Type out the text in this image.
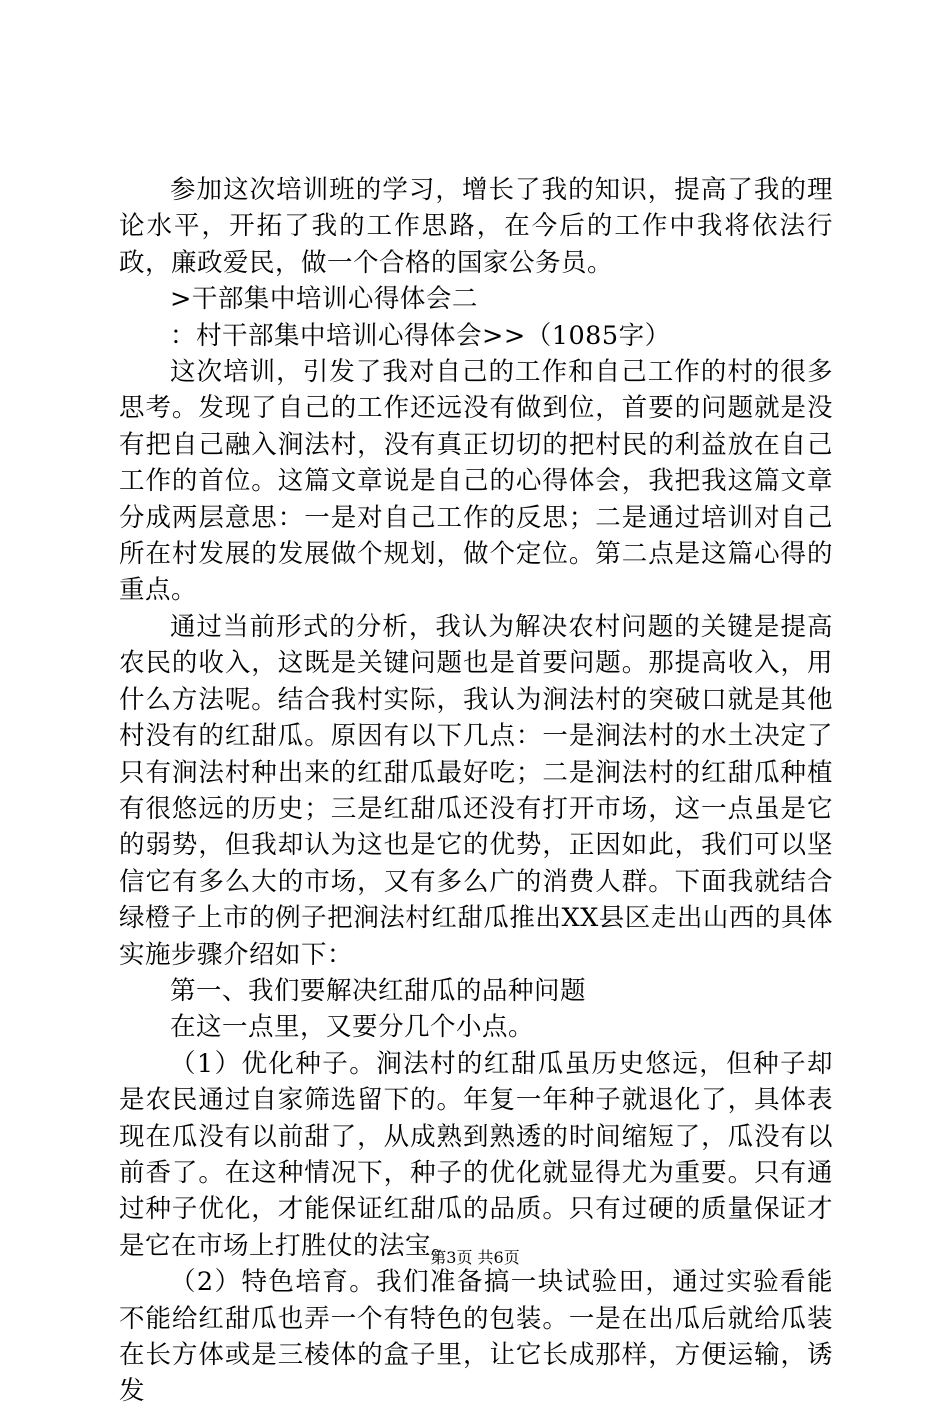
参加这次培训班的学习，增长了我的知识，提高了我的理论水平，开拓了我的工作思路，在今后的工作中我将依法行政，廉政爱民，做一个合格的国家公务员。

>干部集中培训心得体会二

：村干部集中培训心得体会>>（1085字）

这次培训，引发了我对自己的工作和自己工作的村的很多思考。发现了自己的工作还远没有做到位，首要的问题就是没有把自己融入涧法村，没有真正切切的把村民的利益放在自己工作的首位。这篇文章说是自己的心得体会，我把我这篇文章分成两层意思：一是对自己工作的反思；二是通过培训对自己所在村发展的发展做个规划，做个定位。第二点是这篇心得的重点。

通过当前形式的分析，我认为解决农村问题的关键是提高农民的收入，这既是关键问题也是首要问题。那提高收入，用什么方法呢。结合我村实际，我认为涧法村的突破口就是其他村没有的红甜瓜。原因有以下几点：一是涧法村的水土决定了只有涧法村种出来的红甜瓜最好吃；二是涧法村的红甜瓜种植有很悠远的历史；三是红甜瓜还没有打开市场，这一点虽是它的弱势，但我却认为这也是它的优势，正因如此，我们可以坚信它有多么大的市场，又有多么广的消费人群。下面我就结合绿橙子上市的例子把涧法村红甜瓜推出XX县区走出山西的具体实施步骤介绍如下：

第一、我们要解决红甜瓜的品种问题

在这一点里，又要分几个小点。

（1）优化种子。涧法村的红甜瓜虽历史悠远，但种子却是农民通过自家筛选留下的。年复一年种子就退化了，具体表现在瓜没有以前甜了，从成熟到熟透的时间缩短了，瓜没有以前香了。在这种情况下，种子的优化就显得尤为重要。只有通过种子优化，才能保证红甜瓜的品质。只有过硬的质量保证才是它在市场上打胜仗的法宝。

（2）特色培育。我们准备搞一块试验田，通过实验看能不能给红甜瓜也弄一个有特色的包装。一是在出瓜后就给瓜装在长方体或是三棱体的盒子里，让它长成那样，方便运输，诱发

第3页 共6页
